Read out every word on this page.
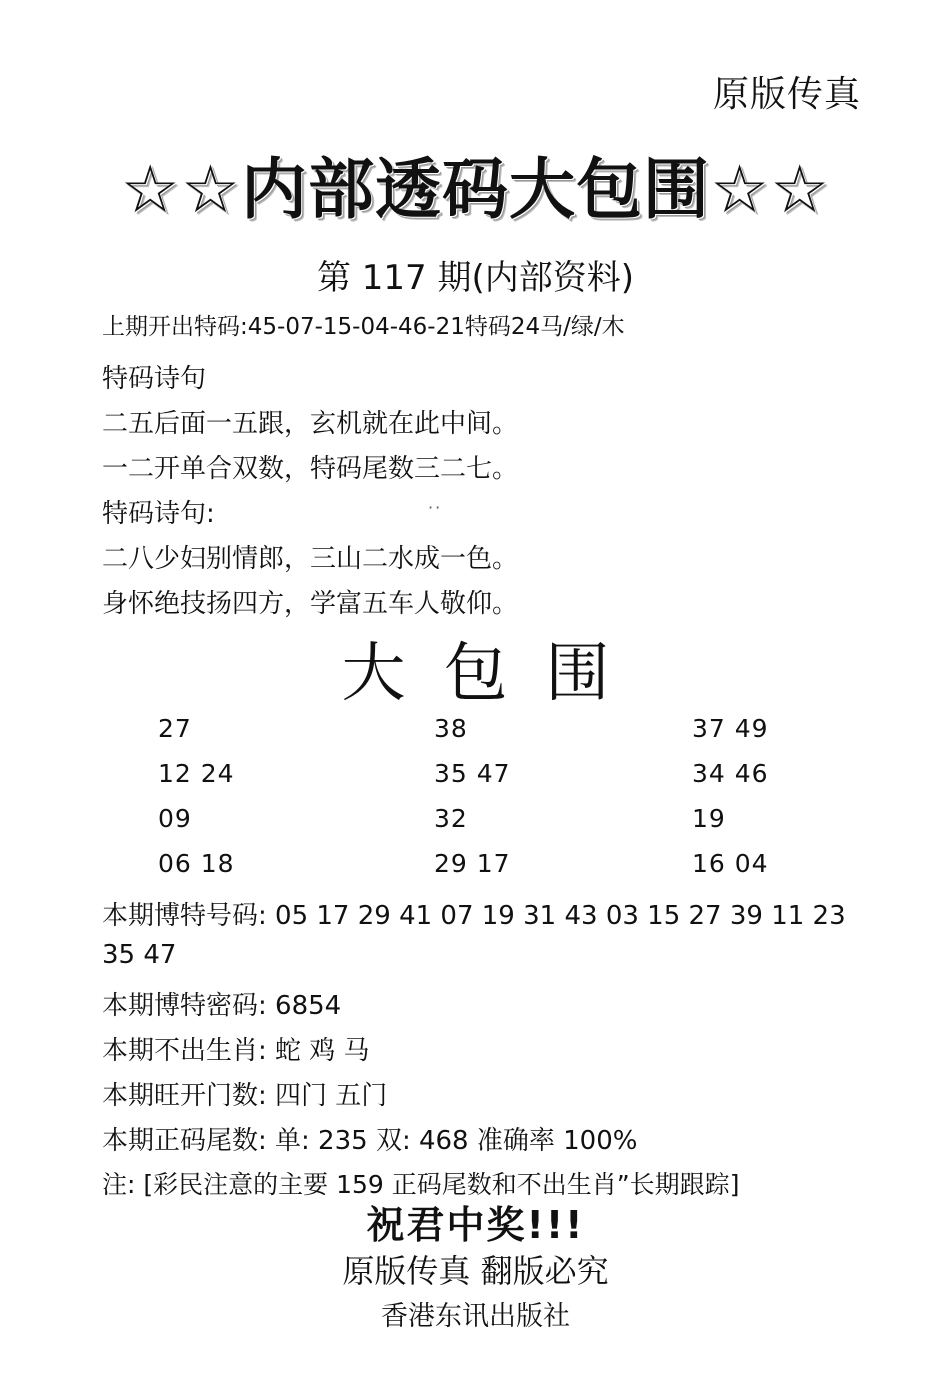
原版传真
☆☆内部透码大包围☆☆
第 117 期(内部资料)
上期开出特码:45-07-15-04-46-21特码24马/绿/木
特码诗句
二五后面一五跟，玄机就在此中间。
一二开单合双数，特码尾数三二七。
特码诗句:	··
二八少妇别情郎，三山二水成一色。
身怀绝技扬四方，学富五车人敬仰。
大包围
27	38	37 49
12 24	35 47	34 46
09	32	19
06 18	29 17	16 04
本期博特号码: 05 17 29 41 07 19 31 43 03 15 27 39 11 23
35 47
本期博特密码: 6854
本期不出生肖: 蛇 鸡 马
本期旺开门数: 四门 五门
本期正码尾数: 单: 235 双: 468 准确率 100%
注: [彩民注意的主要 159 正码尾数和不出生肖”长期跟踪]
祝君中奖!!!
原版传真 翻版必究
香港东讯出版社
